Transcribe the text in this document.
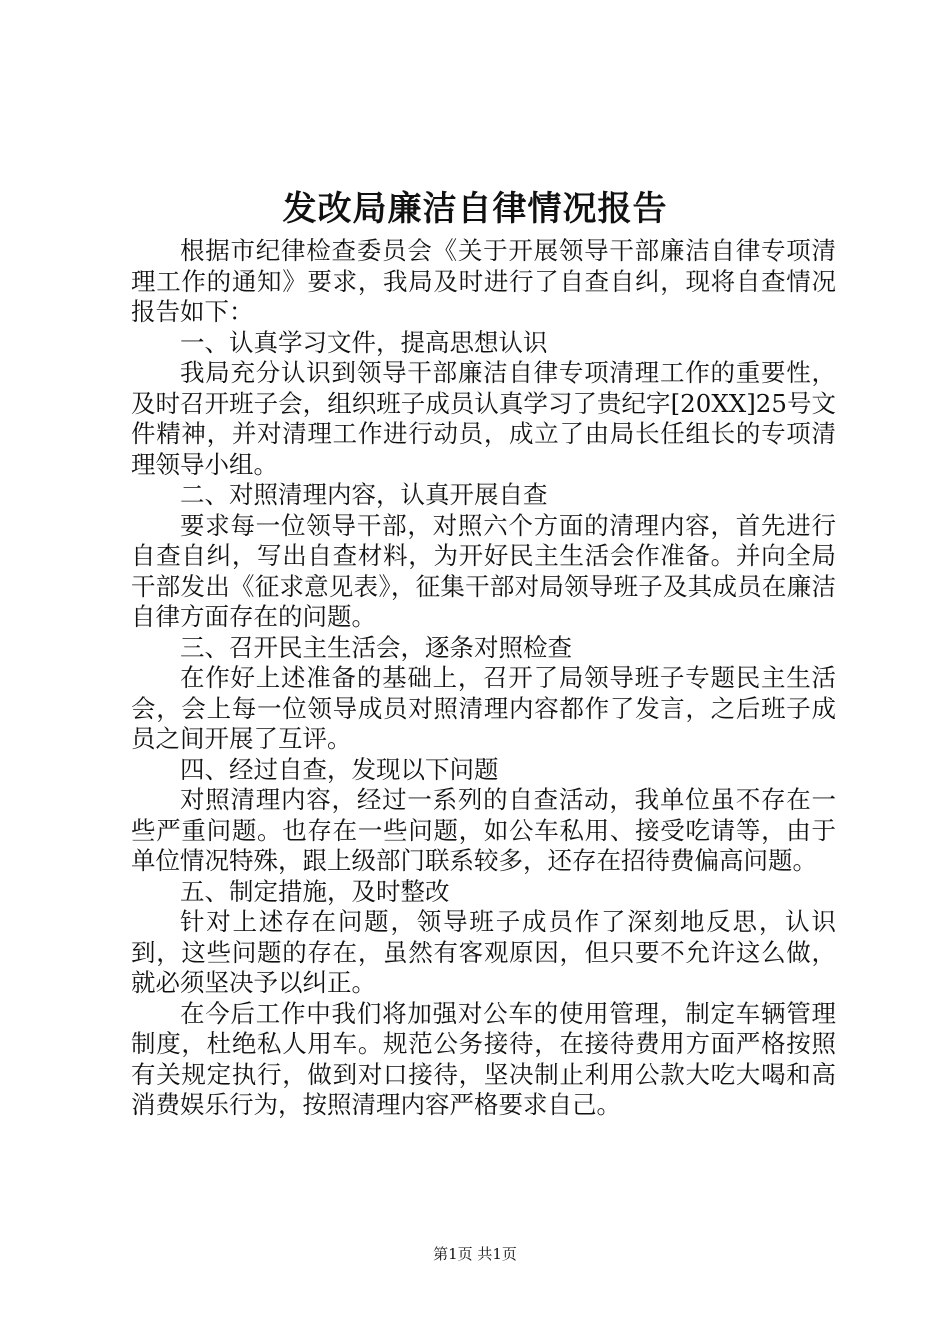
发改局廉洁自律情况报告

根据市纪律检查委员会《关于开展领导干部廉洁自律专项清理工作的通知》要求，我局及时进行了自查自纠，现将自查情况报告如下：

一、认真学习文件，提高思想认识

我局充分认识到领导干部廉洁自律专项清理工作的重要性，及时召开班子会，组织班子成员认真学习了贵纪字[20XX]25号文件精神，并对清理工作进行动员，成立了由局长任组长的专项清理领导小组。

二、对照清理内容，认真开展自查

要求每一位领导干部，对照六个方面的清理内容，首先进行自查自纠，写出自查材料，为开好民主生活会作准备。并向全局干部发出《征求意见表》，征集干部对局领导班子及其成员在廉洁自律方面存在的问题。

三、召开民主生活会，逐条对照检查

在作好上述准备的基础上，召开了局领导班子专题民主生活会，会上每一位领导成员对照清理内容都作了发言，之后班子成员之间开展了互评。

四、经过自查，发现以下问题

对照清理内容，经过一系列的自查活动，我单位虽不存在一些严重问题。也存在一些问题，如公车私用、接受吃请等，由于单位情况特殊，跟上级部门联系较多，还存在招待费偏高问题。

五、制定措施，及时整改

针对上述存在问题，领导班子成员作了深刻地反思，认识到，这些问题的存在，虽然有客观原因，但只要不允许这么做，就必须坚决予以纠正。

在今后工作中我们将加强对公车的使用管理，制定车辆管理制度，杜绝私人用车。规范公务接待，在接待费用方面严格按照有关规定执行，做到对口接待，坚决制止利用公款大吃大喝和高消费娱乐行为，按照清理内容严格要求自己。

第1页 共1页
